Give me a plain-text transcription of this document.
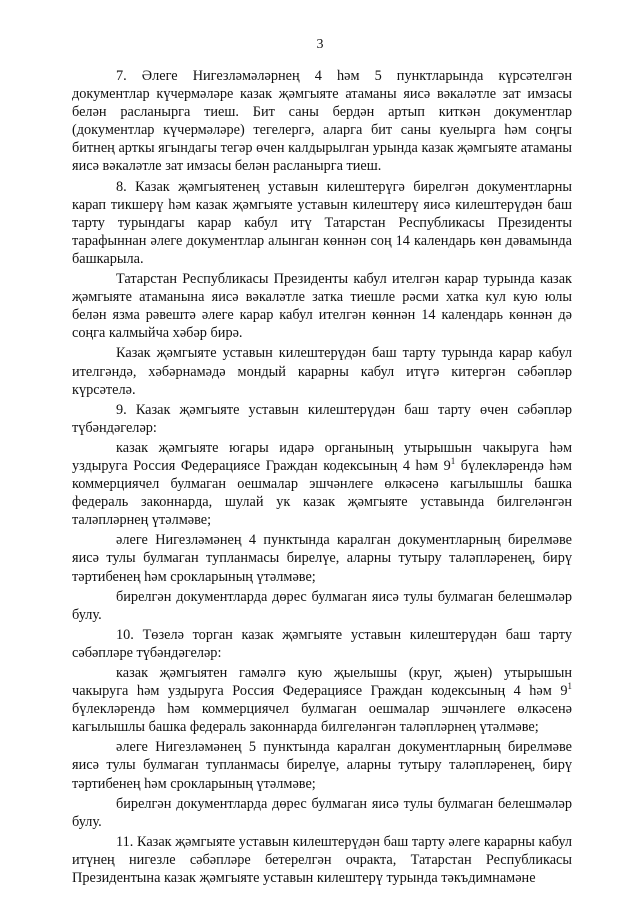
3

7. Әлеге Нигезләмәләрнең 4 һәм 5 пунктларында күрсәтелгән документлар күчермәләре казак җәмгыяте атаманы яисә вәкаләтле зат имзасы белән расланырга тиеш. Бит саны бердән артып киткән документлар (документлар күчермәләре) тегелергә, аларга бит саны куелырга һәм соңгы битнең арткы ягындагы тегәр өчен калдырылган урында казак җәмгыяте атаманы яисә вәкаләтле зат имзасы белән расланырга тиеш.

8. Казак җәмгыятенең уставын килештерүгә бирелгән документларны карап тикшерү һәм казак җәмгыяте уставын килештерү яисә килештерүдән баш тарту турындагы карар кабул итү Татарстан Республикасы Президенты тарафыннан әлеге документлар алынган көннән соң 14 календарь көн дәвамында башкарыла.

Татарстан Республикасы Президенты кабул ителгән карар турында казак җәмгыяте атаманына яисә вәкаләтле затка тиешле рәсми хатка кул кую юлы белән язма рәвештә әлеге карар кабул ителгән көннән 14 календарь көннән дә соңга калмыйча хәбәр бирә.

Казак җәмгыяте уставын килештерүдән баш тарту турында карар кабул ителгәндә, хәбәрнамәдә мондый карарны кабул итүгә китергән сәбәпләр күрсәтелә.

9. Казак җәмгыяте уставын килештерүдән баш тарту өчен сәбәпләр түбәндәгеләр:

казак җәмгыяте югары идарә органының утырышын чакыруга һәм уздыруга Россия Федерациясе Граждан кодексының 4 һәм $9^1$ бүлекләрендә һәм коммерциячел булмаган оешмалар эшчәнлеге өлкәсенә кагылышлы башка федераль законнарда, шулай ук казак җәмгыяте уставында билгеләнгән таләпләрнең үтәлмәве;

әлеге Нигезләмәнең 4 пунктында каралган документларның бирелмәве яисә тулы булмаган тупланмасы бирелүе, аларны тутыру таләпләренең, бирү тәртибенең һәм срокларының үтәлмәве;

бирелгән документларда дөрес булмаган яисә тулы булмаган белешмәләр булу.

10. Төзелә торган казак җәмгыяте уставын килештерүдән баш тарту сәбәпләре түбәндәгеләр:

казак җәмгыятен гамәлгә кую җыелышы (круг, җыен) утырышын чакыруга һәм уздыруга Россия Федерациясе Граждан кодексының 4 һәм $9^1$ бүлекләрендә һәм коммерциячел булмаган оешмалар эшчәнлеге өлкәсенә кагылышлы башка федераль законнарда билгеләнгән таләпләрнең үтәлмәве;

әлеге Нигезләмәнең 5 пунктында каралган документларның бирелмәве яисә тулы булмаган тупланмасы бирелүе, аларны тутыру таләпләренең, бирү тәртибенең һәм срокларының үтәлмәве;

бирелгән документларда дөрес булмаган яисә тулы булмаган белешмәләр булу.

11. Казак җәмгыяте уставын килештерүдән баш тарту әлеге карарны кабул итүнең нигезле сәбәпләре бетерелгән очракта, Татарстан Республикасы Президентына казак җәмгыяте уставын килештерү турында тәкъдимнамәне
